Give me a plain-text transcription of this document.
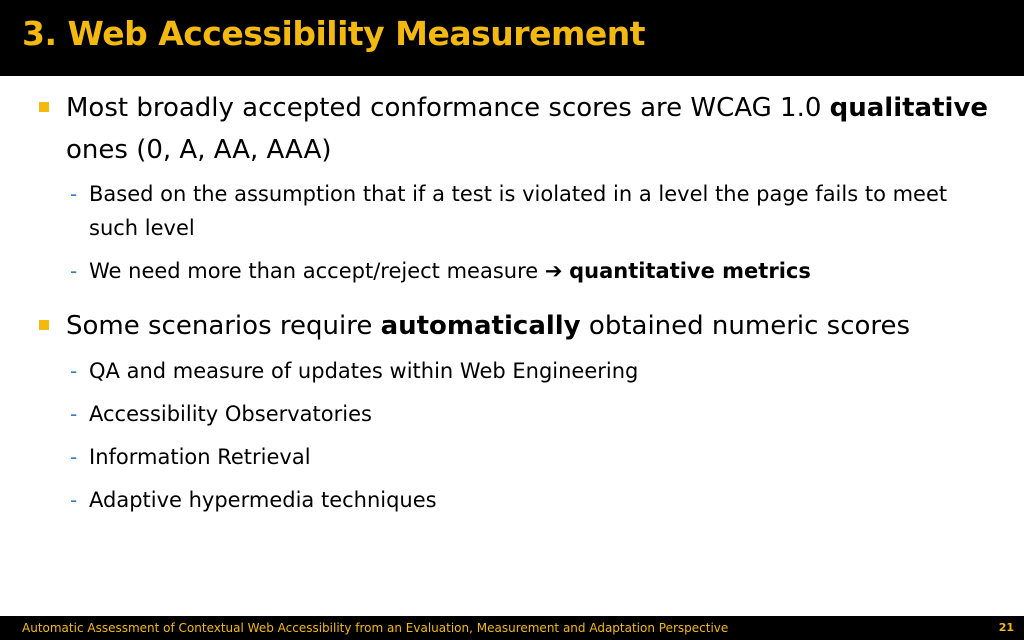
3. Web Accessibility Measurement
Most broadly accepted conformance scores are WCAG 1.0 qualitative ones (0, A, AA, AAA)
- Based on the assumption that if a test is violated in a level the page fails to meet such level
- We need more than accept/reject measure ➔ quantitative metrics
Some scenarios require automatically obtained numeric scores
- QA and measure of updates within Web Engineering
- Accessibility Observatories
- Information Retrieval
- Adaptive hypermedia techniques
Automatic Assessment of Contextual Web Accessibility from an Evaluation, Measurement and Adaptation Perspective	21
